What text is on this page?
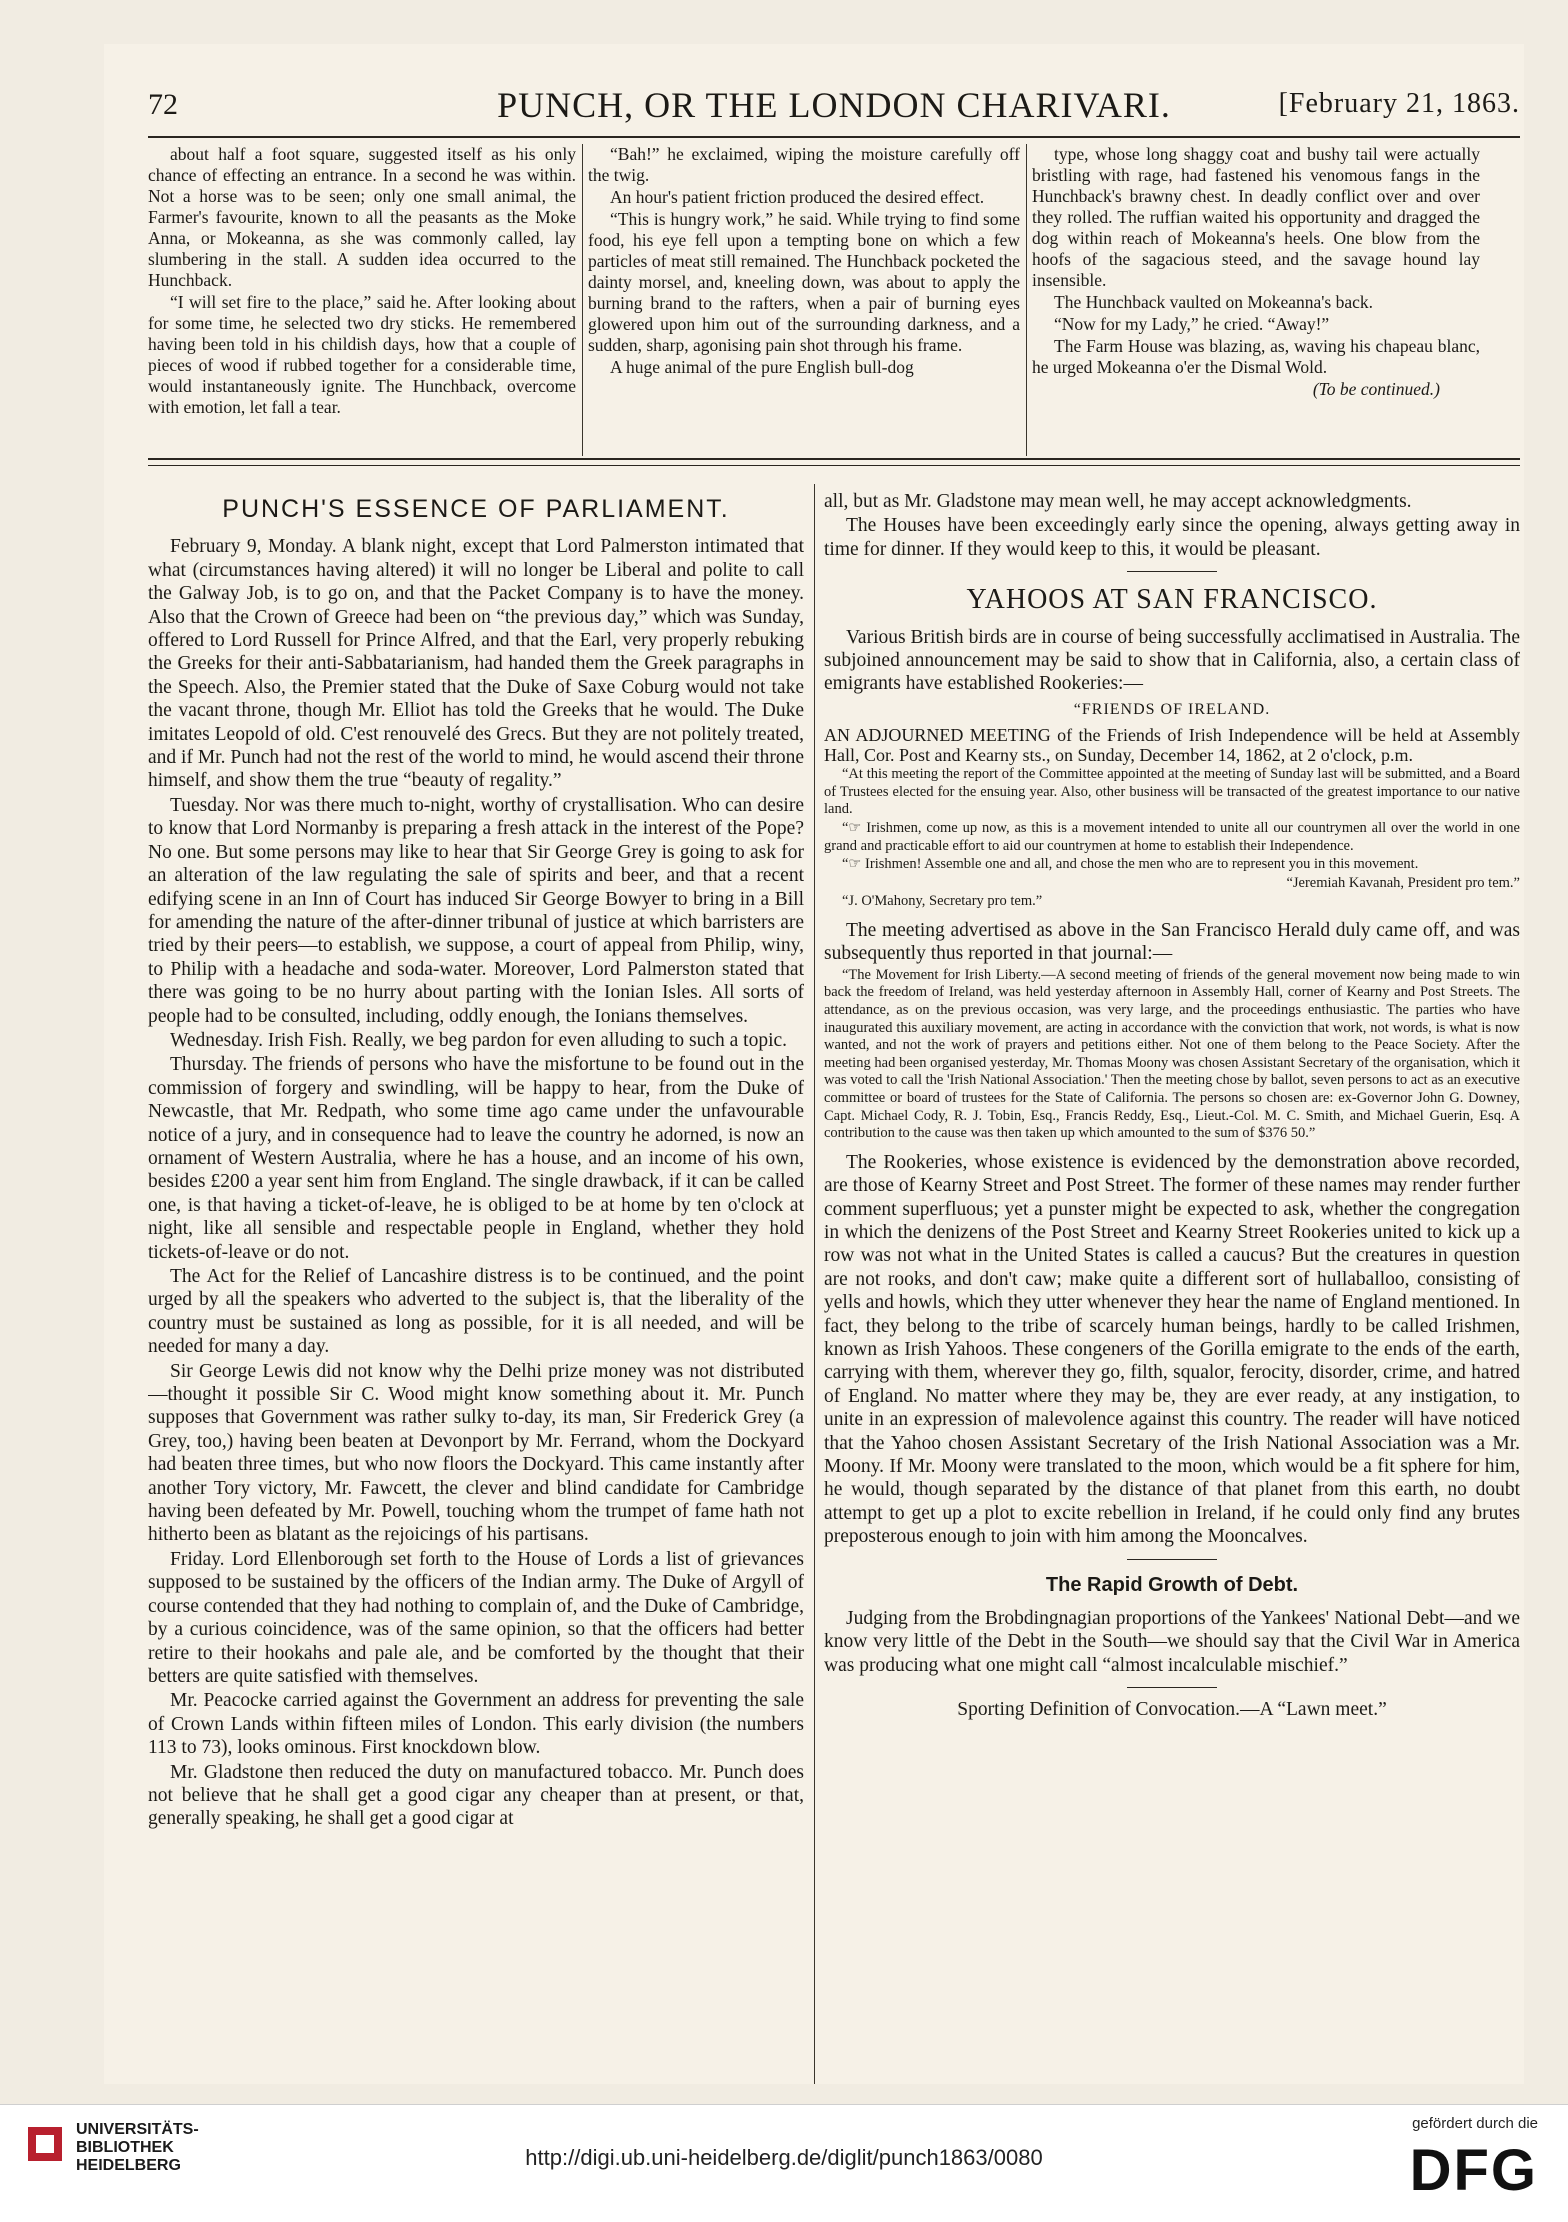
72	PUNCH, OR THE LONDON CHARIVARI.	[February 21, 1863.

about half a foot square, suggested itself as his only chance of effecting an entrance. In a second he was within. Not a horse was to be seen; only one small animal, the Farmer's favourite, known to all the peasants as the Moke Anna, or Mokeanna, as she was commonly called, lay slumbering in the stall. A sudden idea occurred to the Hunchback.

“I will set fire to the place,” said he. After looking about for some time, he selected two dry sticks. He remembered having been told in his childish days, how that a couple of pieces of wood if rubbed together for a considerable time, would instantaneously ignite. The Hunchback, overcome with emotion, let fall a tear.

“Bah!” he exclaimed, wiping the moisture carefully off the twig.

An hour's patient friction produced the desired effect.

“This is hungry work,” he said. While trying to find some food, his eye fell upon a tempting bone on which a few particles of meat still remained. The Hunchback pocketed the dainty morsel, and, kneeling down, was about to apply the burning brand to the rafters, when a pair of burning eyes glowered upon him out of the surrounding darkness, and a sudden, sharp, agonising pain shot through his frame.

A huge animal of the pure English bull-dog

type, whose long shaggy coat and bushy tail were actually bristling with rage, had fastened his venomous fangs in the Hunchback's brawny chest. In deadly conflict over and over they rolled. The ruffian waited his opportunity and dragged the dog within reach of Mokeanna's heels. One blow from the hoofs of the sagacious steed, and the savage hound lay insensible.

The Hunchback vaulted on Mokeanna's back.

“Now for my Lady,” he cried. “Away!”

The Farm House was blazing, as, waving his chapeau blanc, he urged Mokeanna o'er the Dismal Wold.

(To be continued.)

PUNCH'S ESSENCE OF PARLIAMENT.

February 9, Monday. A blank night, except that Lord Palmerston intimated that what (circumstances having altered) it will no longer be Liberal and polite to call the Galway Job, is to go on, and that the Packet Company is to have the money. Also that the Crown of Greece had been on “the previous day,” which was Sunday, offered to Lord Russell for Prince Alfred, and that the Earl, very properly rebuking the Greeks for their anti-Sabbatarianism, had handed them the Greek paragraphs in the Speech. Also, the Premier stated that the Duke of Saxe Coburg would not take the vacant throne, though Mr. Elliot has told the Greeks that he would. The Duke imitates Leopold of old. C'est renouvelé des Grecs. But they are not politely treated, and if Mr. Punch had not the rest of the world to mind, he would ascend their throne himself, and show them the true “beauty of regality.”

Tuesday. Nor was there much to-night, worthy of crystallisation. Who can desire to know that Lord Normanby is preparing a fresh attack in the interest of the Pope? No one. But some persons may like to hear that Sir George Grey is going to ask for an alteration of the law regulating the sale of spirits and beer, and that a recent edifying scene in an Inn of Court has induced Sir George Bowyer to bring in a Bill for amending the nature of the after-dinner tribunal of justice at which barristers are tried by their peers—to establish, we suppose, a court of appeal from Philip, winy, to Philip with a headache and soda-water. Moreover, Lord Palmerston stated that there was going to be no hurry about parting with the Ionian Isles. All sorts of people had to be consulted, including, oddly enough, the Ionians themselves.

Wednesday. Irish Fish. Really, we beg pardon for even alluding to such a topic.

Thursday. The friends of persons who have the misfortune to be found out in the commission of forgery and swindling, will be happy to hear, from the Duke of Newcastle, that Mr. Redpath, who some time ago came under the unfavourable notice of a jury, and in consequence had to leave the country he adorned, is now an ornament of Western Australia, where he has a house, and an income of his own, besides £200 a year sent him from England. The single drawback, if it can be called one, is that having a ticket-of-leave, he is obliged to be at home by ten o'clock at night, like all sensible and respectable people in England, whether they hold tickets-of-leave or do not.

The Act for the Relief of Lancashire distress is to be continued, and the point urged by all the speakers who adverted to the subject is, that the liberality of the country must be sustained as long as possible, for it is all needed, and will be needed for many a day.

Sir George Lewis did not know why the Delhi prize money was not distributed—thought it possible Sir C. Wood might know something about it. Mr. Punch supposes that Government was rather sulky to-day, its man, Sir Frederick Grey (a Grey, too,) having been beaten at Devonport by Mr. Ferrand, whom the Dockyard had beaten three times, but who now floors the Dockyard. This came instantly after another Tory victory, Mr. Fawcett, the clever and blind candidate for Cambridge having been defeated by Mr. Powell, touching whom the trumpet of fame hath not hitherto been as blatant as the rejoicings of his partisans.

Friday. Lord Ellenborough set forth to the House of Lords a list of grievances supposed to be sustained by the officers of the Indian army. The Duke of Argyll of course contended that they had nothing to complain of, and the Duke of Cambridge, by a curious coincidence, was of the same opinion, so that the officers had better retire to their hookahs and pale ale, and be comforted by the thought that their betters are quite satisfied with themselves.

Mr. Peacocke carried against the Government an address for preventing the sale of Crown Lands within fifteen miles of London. This early division (the numbers 113 to 73), looks ominous. First knockdown blow.

Mr. Gladstone then reduced the duty on manufactured tobacco. Mr. Punch does not believe that he shall get a good cigar any cheaper than at present, or that, generally speaking, he shall get a good cigar at

all, but as Mr. Gladstone may mean well, he may accept acknowledgments.

The Houses have been exceedingly early since the opening, always getting away in time for dinner. If they would keep to this, it would be pleasant.

YAHOOS AT SAN FRANCISCO.

Various British birds are in course of being successfully acclimatised in Australia. The subjoined announcement may be said to show that in California, also, a certain class of emigrants have established Rookeries:—

“FRIENDS OF IRELAND.

AN ADJOURNED MEETING of the Friends of Irish Independence will be held at Assembly Hall, Cor. Post and Kearny sts., on Sunday, December 14, 1862, at 2 o'clock, p.m.

“At this meeting the report of the Committee appointed at the meeting of Sunday last will be submitted, and a Board of Trustees elected for the ensuing year. Also, other business will be transacted of the greatest importance to our native land.

“☞ Irishmen, come up now, as this is a movement intended to unite all our countrymen all over the world in one grand and practicable effort to aid our countrymen at home to establish their Independence.

“☞ Irishmen! Assemble one and all, and chose the men who are to represent you in this movement.

“Jeremiah Kavanah, President pro tem.”

“J. O'Mahony, Secretary pro tem.”

The meeting advertised as above in the San Francisco Herald duly came off, and was subsequently thus reported in that journal:—

“The Movement for Irish Liberty.—A second meeting of friends of the general movement now being made to win back the freedom of Ireland, was held yesterday afternoon in Assembly Hall, corner of Kearny and Post Streets. The attendance, as on the previous occasion, was very large, and the proceedings enthusiastic. The parties who have inaugurated this auxiliary movement, are acting in accordance with the conviction that work, not words, is what is now wanted, and not the work of prayers and petitions either. Not one of them belong to the Peace Society. After the meeting had been organised yesterday, Mr. Thomas Moony was chosen Assistant Secretary of the organisation, which it was voted to call the 'Irish National Association.' Then the meeting chose by ballot, seven persons to act as an executive committee or board of trustees for the State of California. The persons so chosen are: ex-Governor John G. Downey, Capt. Michael Cody, R. J. Tobin, Esq., Francis Reddy, Esq., Lieut.-Col. M. C. Smith, and Michael Guerin, Esq. A contribution to the cause was then taken up which amounted to the sum of $376 50.”

The Rookeries, whose existence is evidenced by the demonstration above recorded, are those of Kearny Street and Post Street. The former of these names may render further comment superfluous; yet a punster might be expected to ask, whether the congregation in which the denizens of the Post Street and Kearny Street Rookeries united to kick up a row was not what in the United States is called a caucus? But the creatures in question are not rooks, and don't caw; make quite a different sort of hullaballoo, consisting of yells and howls, which they utter whenever they hear the name of England mentioned. In fact, they belong to the tribe of scarcely human beings, hardly to be called Irishmen, known as Irish Yahoos. These congeners of the Gorilla emigrate to the ends of the earth, carrying with them, wherever they go, filth, squalor, ferocity, disorder, crime, and hatred of England. No matter where they may be, they are ever ready, at any instigation, to unite in an expression of malevolence against this country. The reader will have noticed that the Yahoo chosen Assistant Secretary of the Irish National Association was a Mr. Moony. If Mr. Moony were translated to the moon, which would be a fit sphere for him, he would, though separated by the distance of that planet from this earth, no doubt attempt to get up a plot to excite rebellion in Ireland, if he could only find any brutes preposterous enough to join with him among the Mooncalves.

The Rapid Growth of Debt.

Judging from the Brobdingnagian proportions of the Yankees' National Debt—and we know very little of the Debt in the South—we should say that the Civil War in America was producing what one might call “almost incalculable mischief.”

Sporting Definition of Convocation.—A “Lawn meet.”

UNIVERSITÄTS-
BIBLIOTHEK
HEIDELBERG	http://digi.ub.uni-heidelberg.de/diglit/punch1863/0080
gefördert durch die
DFG
